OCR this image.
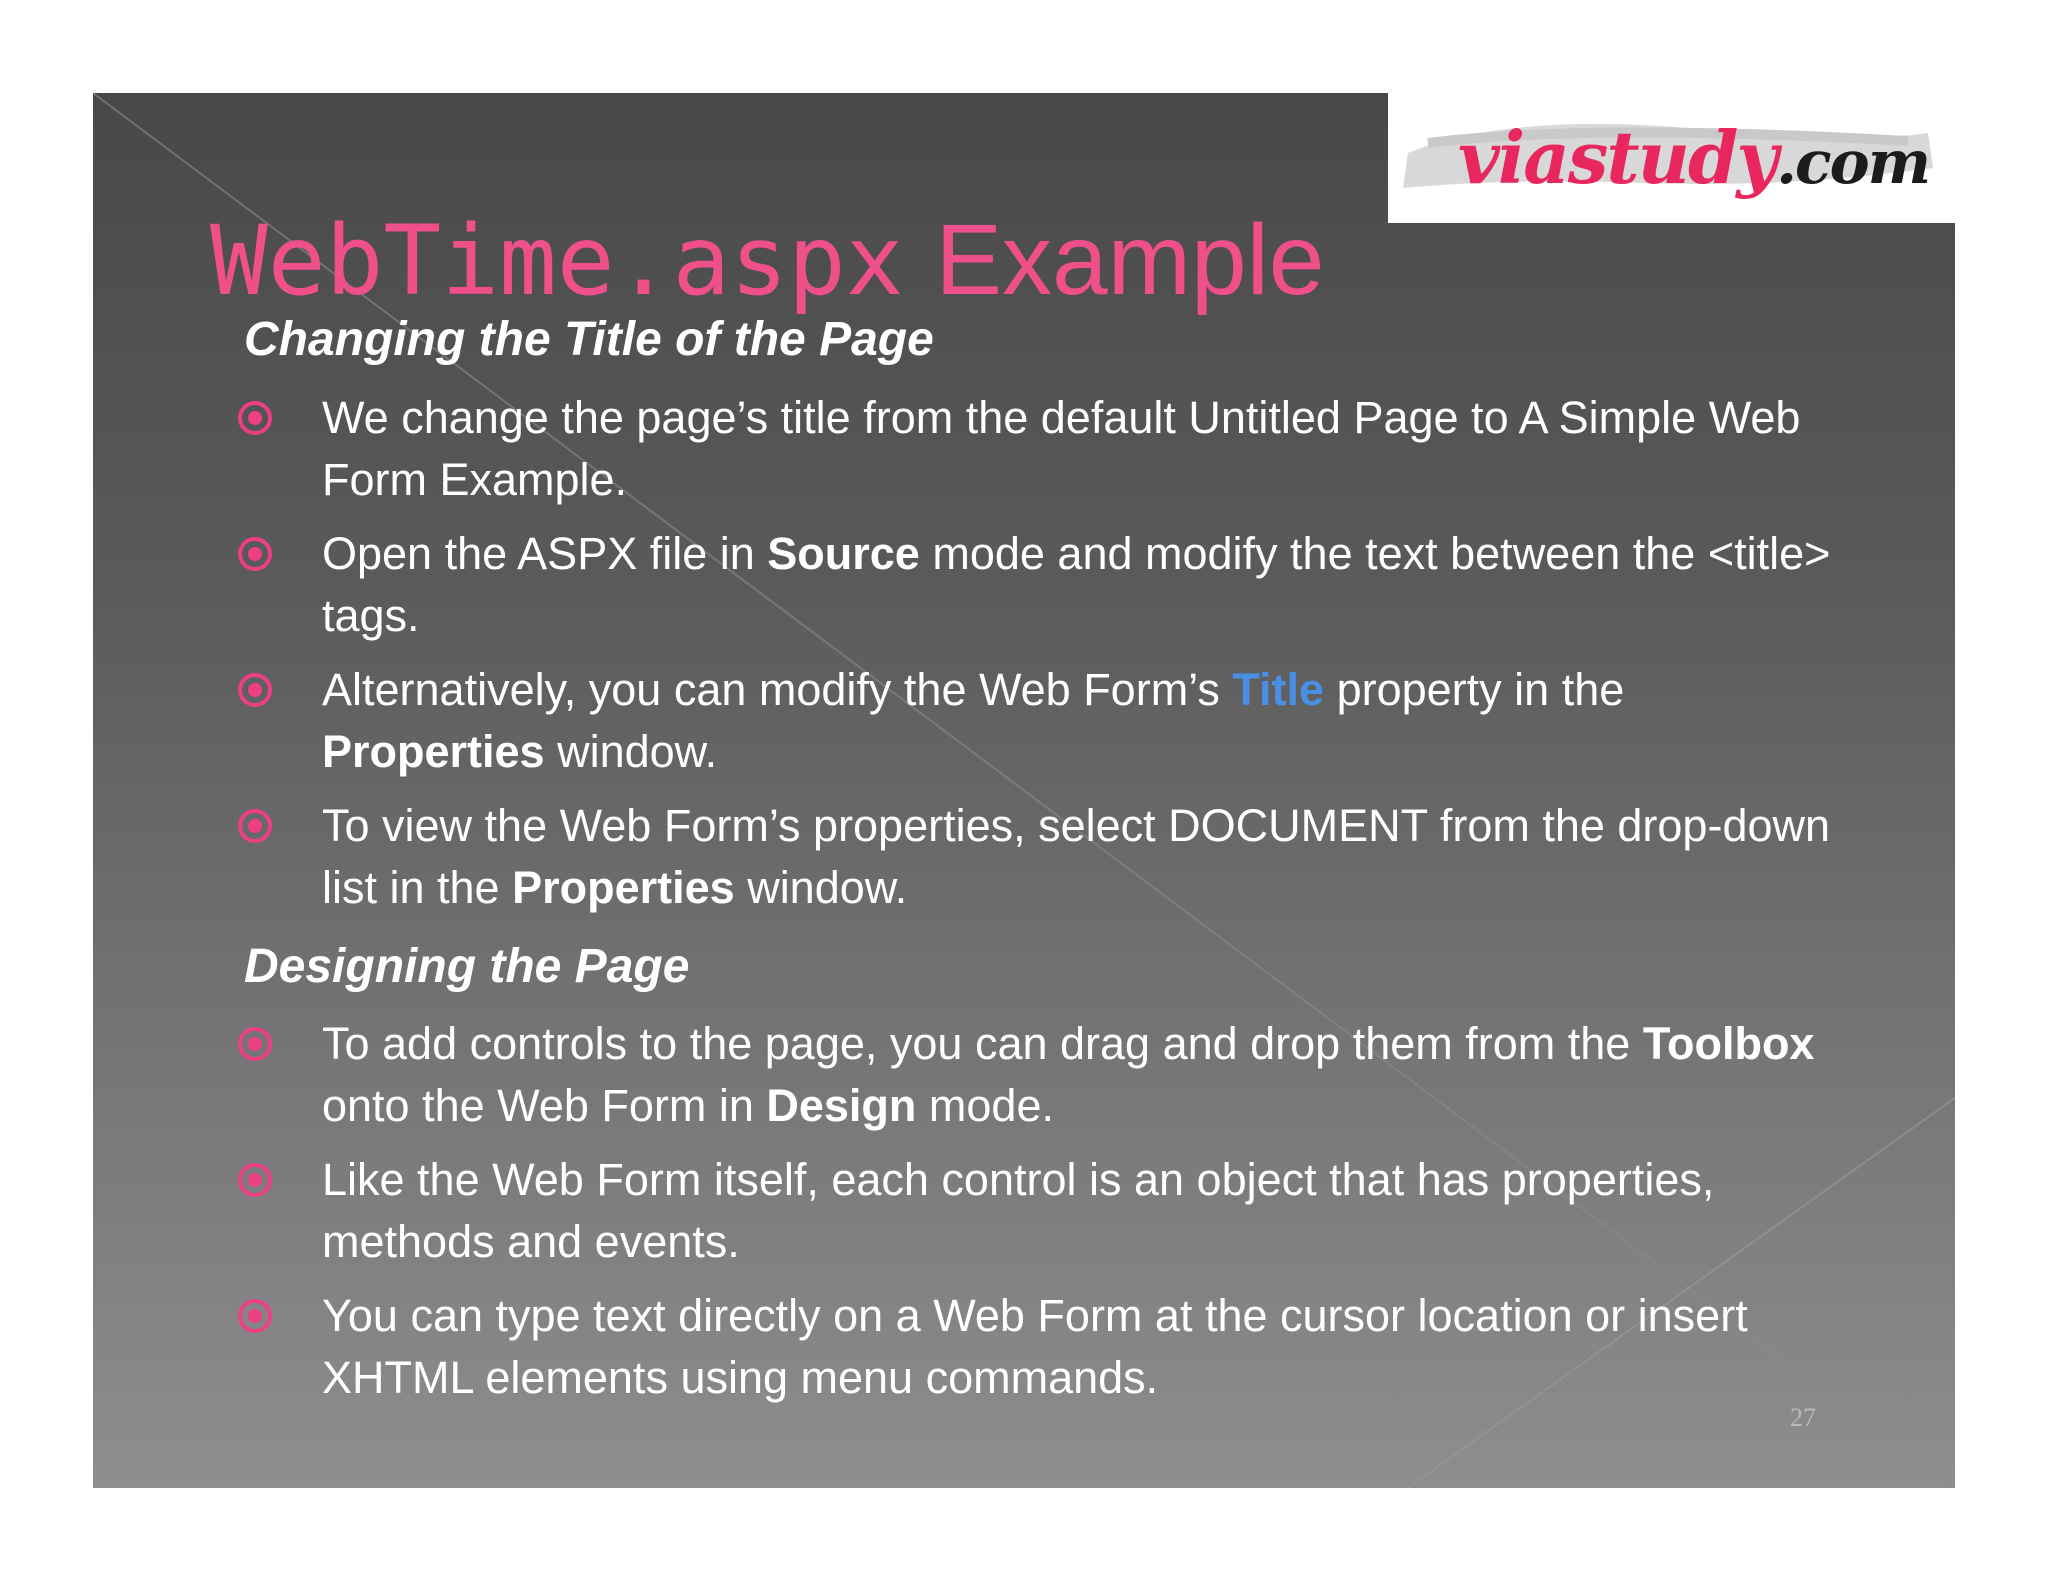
viastudy.com
WebTime.aspx Example
Changing the Title of the Page
We change the page’s title from the default Untitled Page to A Simple Web Form Example.
Open the ASPX file in Source mode and modify the text between the <title> tags.
Alternatively, you can modify the Web Form’s Title property in the Properties window.
To view the Web Form’s properties, select DOCUMENT from the drop-down list in the Properties window.
Designing the Page
To add controls to the page, you can drag and drop them from the Toolbox onto the Web Form in Design mode.
Like the Web Form itself, each control is an object that has properties, methods and events.
You can type text directly on a Web Form at the cursor location or insert XHTML elements using menu commands.
27
